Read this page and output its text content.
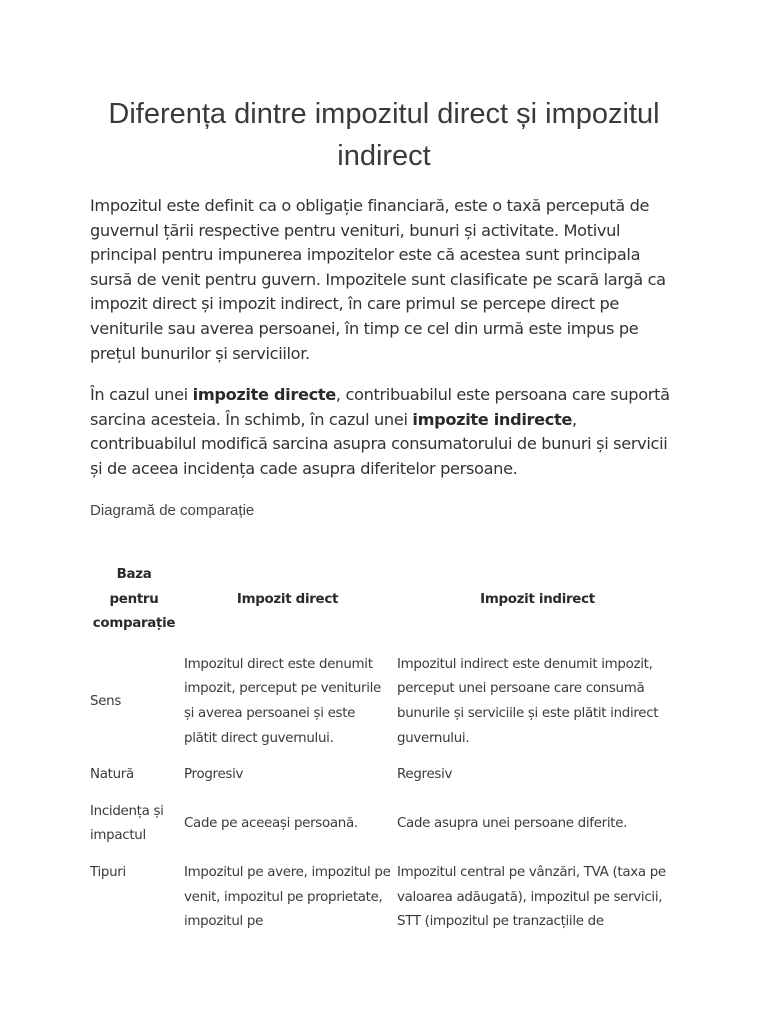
Diferența dintre impozitul direct și impozitul indirect

Impozitul este definit ca o obligație financiară, este o taxă percepută de guvernul țării respective pentru venituri, bunuri și activitate. Motivul principal pentru impunerea impozitelor este că acestea sunt principala sursă de venit pentru guvern. Impozitele sunt clasificate pe scară largă ca impozit direct și impozit indirect, în care primul se percepe direct pe veniturile sau averea persoanei, în timp ce cel din urmă este impus pe prețul bunurilor și serviciilor.

În cazul unei impozite directe, contribuabilul este persoana care suportă sarcina acesteia. În schimb, în cazul unei impozite indirecte, contribuabilul modifică sarcina asupra consumatorului de bunuri și servicii și de aceea incidența cade asupra diferitelor persoane.

Diagramă de comparație
Baza pentru comparație	Impozit direct	Impozit indirect
Sens	Impozitul direct este denumit impozit, perceput pe veniturile și averea persoanei și este plătit direct guvernului.	Impozitul indirect este denumit impozit, perceput unei persoane care consumă bunurile și serviciile și este plătit indirect guvernului.
Natură	Progresiv	Regresiv
Incidența și impactul	Cade pe aceeași persoană.	Cade asupra unei persoane diferite.
Tipuri	Impozitul pe avere, impozitul pe venit, impozitul pe proprietate, impozitul pe	Impozitul central pe vânzări, TVA (taxa pe valoarea adăugată), impozitul pe servicii, STT (impozitul pe tranzacțiile de
